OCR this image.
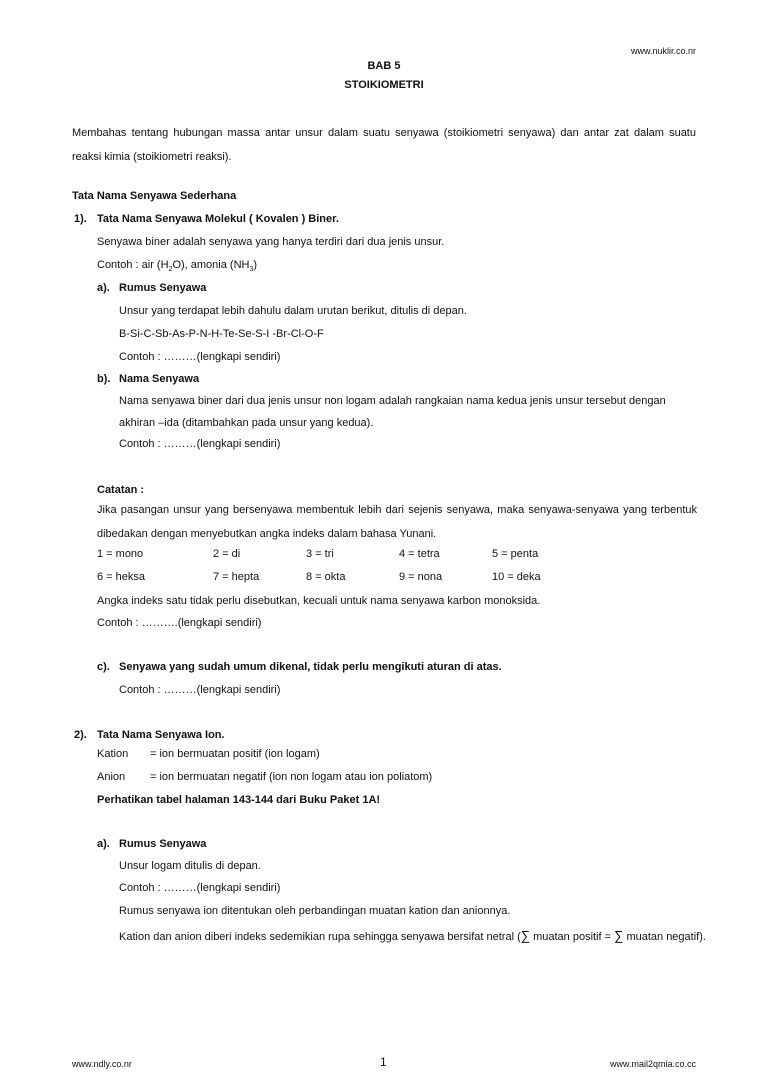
www.nuklir.co.nr
BAB 5
STOIKIOMETRI
Membahas tentang hubungan massa antar unsur dalam suatu senyawa (stoikiometri senyawa) dan antar zat dalam suatu reaksi kimia (stoikiometri reaksi).
Tata Nama Senyawa Sederhana
1). Tata Nama Senyawa Molekul ( Kovalen ) Biner.
Senyawa biner adalah senyawa yang hanya terdiri dari dua jenis unsur.
Contoh : air $(H_2O)$, amonia $(NH_3)$
a). Rumus Senyawa
Unsur yang terdapat lebih dahulu dalam urutan berikut, ditulis di depan.
B-Si-C-Sb-As-P-N-H-Te-Se-S-I -Br-Cl-O-F
Contoh : ………(lengkapi sendiri)
b). Nama Senyawa
Nama senyawa biner dari dua jenis unsur non logam adalah rangkaian nama kedua jenis unsur tersebut dengan akhiran –ida (ditambahkan pada unsur yang kedua).
Contoh : ………(lengkapi sendiri)
Catatan :
Jika pasangan unsur yang bersenyawa membentuk lebih dari sejenis senyawa, maka senyawa-senyawa yang terbentuk dibedakan dengan menyebutkan angka indeks dalam bahasa Yunani.
1 = mono	2 = di	3 = tri	4 = tetra	5 = penta
6 = heksa	7 = hepta	8 = okta	9 = nona	10 = deka
Angka indeks satu tidak perlu disebutkan, kecuali untuk nama senyawa karbon monoksida.
Contoh : ……….(lengkapi sendiri)
c). Senyawa yang sudah umum dikenal, tidak perlu mengikuti aturan di atas.
Contoh : ………(lengkapi sendiri)
2). Tata Nama Senyawa Ion.
Kation = ion bermuatan positif (ion logam)
Anion = ion bermuatan negatif (ion non logam atau ion poliatom)
Perhatikan tabel halaman 143-144 dari Buku Paket 1A!
a). Rumus Senyawa
Unsur logam ditulis di depan.
Contoh : ………(lengkapi sendiri)
Rumus senyawa ion ditentukan oleh perbandingan muatan kation dan anionnya.
Kation dan anion diberi indeks sedemikian rupa sehingga senyawa bersifat netral (∑ muatan positif = ∑ muatan negatif).
www.ndly.co.nr	1	www.mail2qmia.co.cc
